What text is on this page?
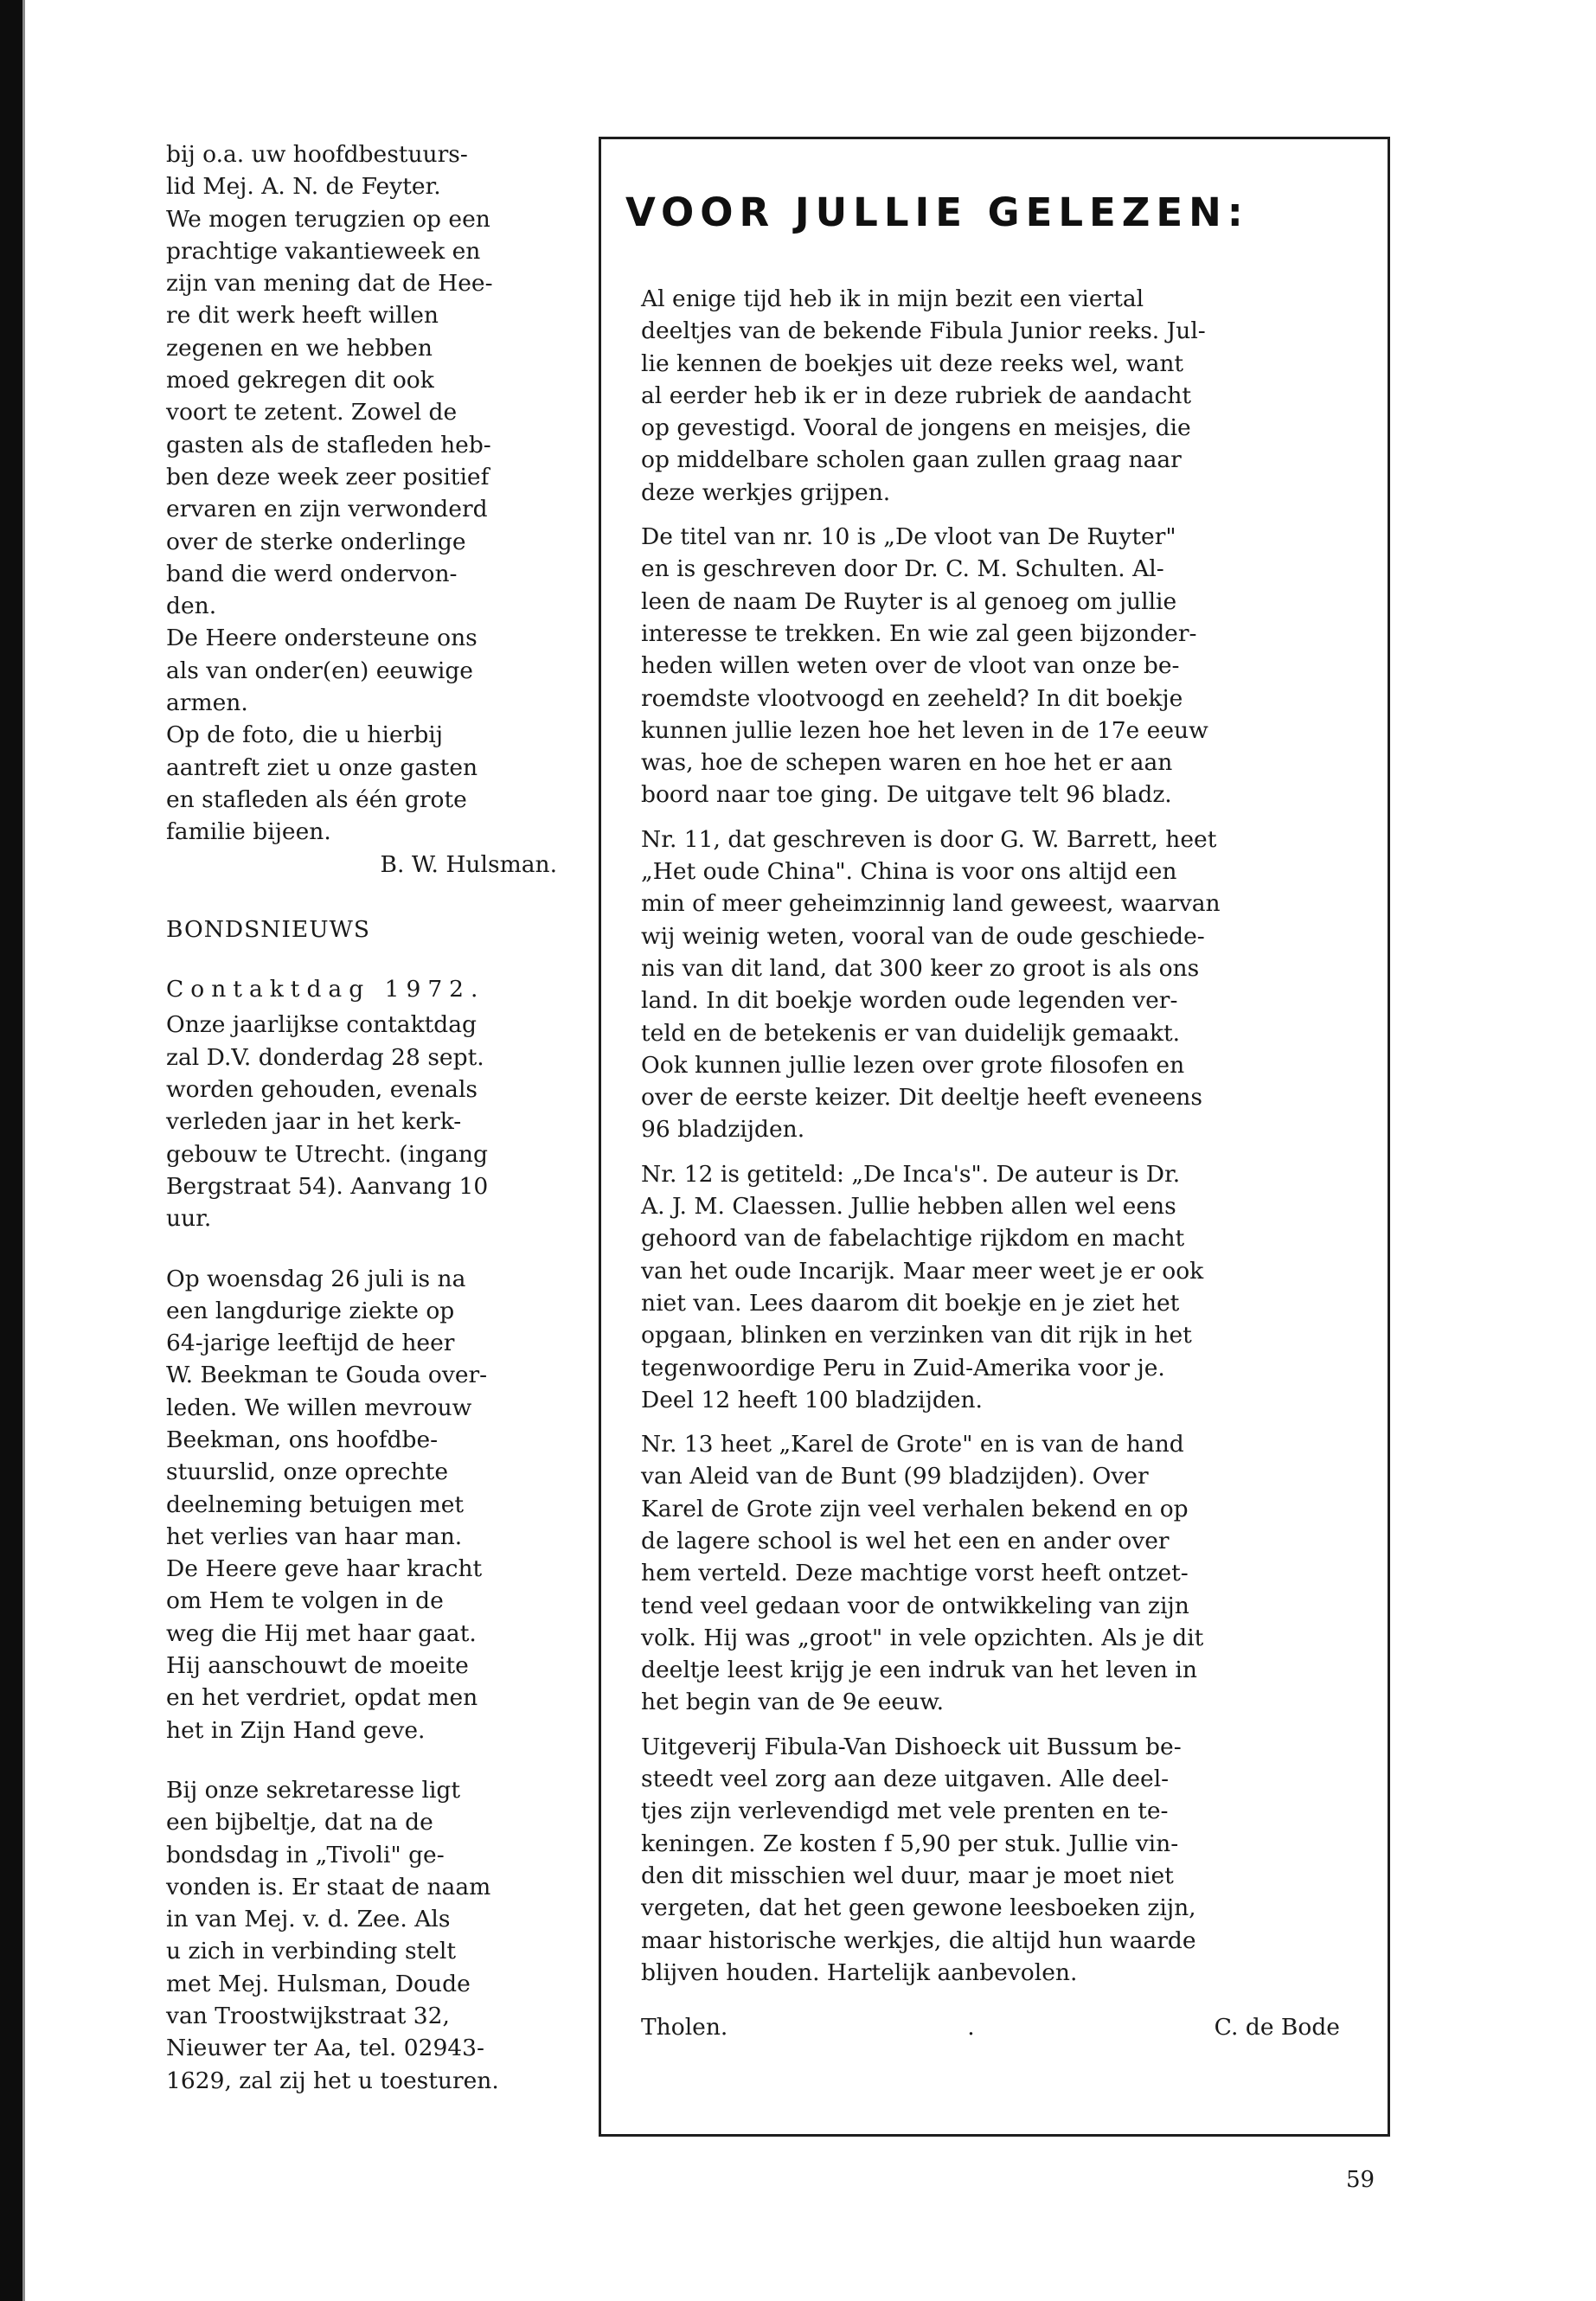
bij o.a. uw hoofdbestuurs-
lid Mej. A. N. de Feyter.
We mogen terugzien op een
prachtige vakantieweek en
zijn van mening dat de Hee-
re dit werk heeft willen
zegenen en we hebben
moed gekregen dit ook
voort te zetent. Zowel de
gasten als de stafleden heb-
ben deze week zeer positief
ervaren en zijn verwonderd
over de sterke onderlinge
band die werd ondervon-
den.
De Heere ondersteune ons
als van onder(en) eeuwige
armen.
Op de foto, die u hierbij
aantreft ziet u onze gasten
en stafleden als één grote
familie bijeen.

B. W. Hulsman.

BONDSNIEUWS

Contaktdag 1972.

Onze jaarlijkse contaktdag
zal D.V. donderdag 28 sept.
worden gehouden, evenals
verleden jaar in het kerk-
gebouw te Utrecht. (ingang
Bergstraat 54). Aanvang 10
uur.
Op woensdag 26 juli is na
een langdurige ziekte op
64-jarige leeftijd de heer
W. Beekman te Gouda over-
leden. We willen mevrouw
Beekman, ons hoofdbe-
stuurslid, onze oprechte
deelneming betuigen met
het verlies van haar man.
De Heere geve haar kracht
om Hem te volgen in de
weg die Hij met haar gaat.
Hij aanschouwt de moeite
en het verdriet, opdat men
het in Zijn Hand geve.
Bij onze sekretaresse ligt
een bijbeltje, dat na de
bondsdag in „Tivoli" ge-
vonden is. Er staat de naam
in van Mej. v. d. Zee. Als
u zich in verbinding stelt
met Mej. Hulsman, Doude
van Troostwijkstraat 32,
Nieuwer ter Aa, tel. 02943-
1629, zal zij het u toesturen.
VOOR JULLIE GELEZEN:

Al enige tijd heb ik in mijn bezit een viertal
deeltjes van de bekende Fibula Junior reeks. Jul-
lie kennen de boekjes uit deze reeks wel, want
al eerder heb ik er in deze rubriek de aandacht
op gevestigd. Vooral de jongens en meisjes, die
op middelbare scholen gaan zullen graag naar
deze werkjes grijpen.

De titel van nr. 10 is „De vloot van De Ruyter"
en is geschreven door Dr. C. M. Schulten. Al-
leen de naam De Ruyter is al genoeg om jullie
interesse te trekken. En wie zal geen bijzonder-
heden willen weten over de vloot van onze be-
roemdste vlootvoogd en zeeheld? In dit boekje
kunnen jullie lezen hoe het leven in de 17e eeuw
was, hoe de schepen waren en hoe het er aan
boord naar toe ging. De uitgave telt 96 bladz.

Nr. 11, dat geschreven is door G. W. Barrett, heet
„Het oude China". China is voor ons altijd een
min of meer geheimzinnig land geweest, waarvan
wij weinig weten, vooral van de oude geschiede-
nis van dit land, dat 300 keer zo groot is als ons
land. In dit boekje worden oude legenden ver-
teld en de betekenis er van duidelijk gemaakt.
Ook kunnen jullie lezen over grote filosofen en
over de eerste keizer. Dit deeltje heeft eveneens
96 bladzijden.

Nr. 12 is getiteld: „De Inca's". De auteur is Dr.
A. J. M. Claessen. Jullie hebben allen wel eens
gehoord van de fabelachtige rijkdom en macht
van het oude Incarijk. Maar meer weet je er ook
niet van. Lees daarom dit boekje en je ziet het
opgaan, blinken en verzinken van dit rijk in het
tegenwoordige Peru in Zuid-Amerika voor je.
Deel 12 heeft 100 bladzijden.

Nr. 13 heet „Karel de Grote" en is van de hand
van Aleid van de Bunt (99 bladzijden). Over
Karel de Grote zijn veel verhalen bekend en op
de lagere school is wel het een en ander over
hem verteld. Deze machtige vorst heeft ontzet-
tend veel gedaan voor de ontwikkeling van zijn
volk. Hij was „groot" in vele opzichten. Als je dit
deeltje leest krijg je een indruk van het leven in
het begin van de 9e eeuw.

Uitgeverij Fibula-Van Dishoeck uit Bussum be-
steedt veel zorg aan deze uitgaven. Alle deel-
tjes zijn verlevendigd met vele prenten en te-
keningen. Ze kosten f 5,90 per stuk. Jullie vin-
den dit misschien wel duur, maar je moet niet
vergeten, dat het geen gewone leesboeken zijn,
maar historische werkjes, die altijd hun waarde
blijven houden. Hartelijk aanbevolen.

Tholen.	.	C. de Bode
59
